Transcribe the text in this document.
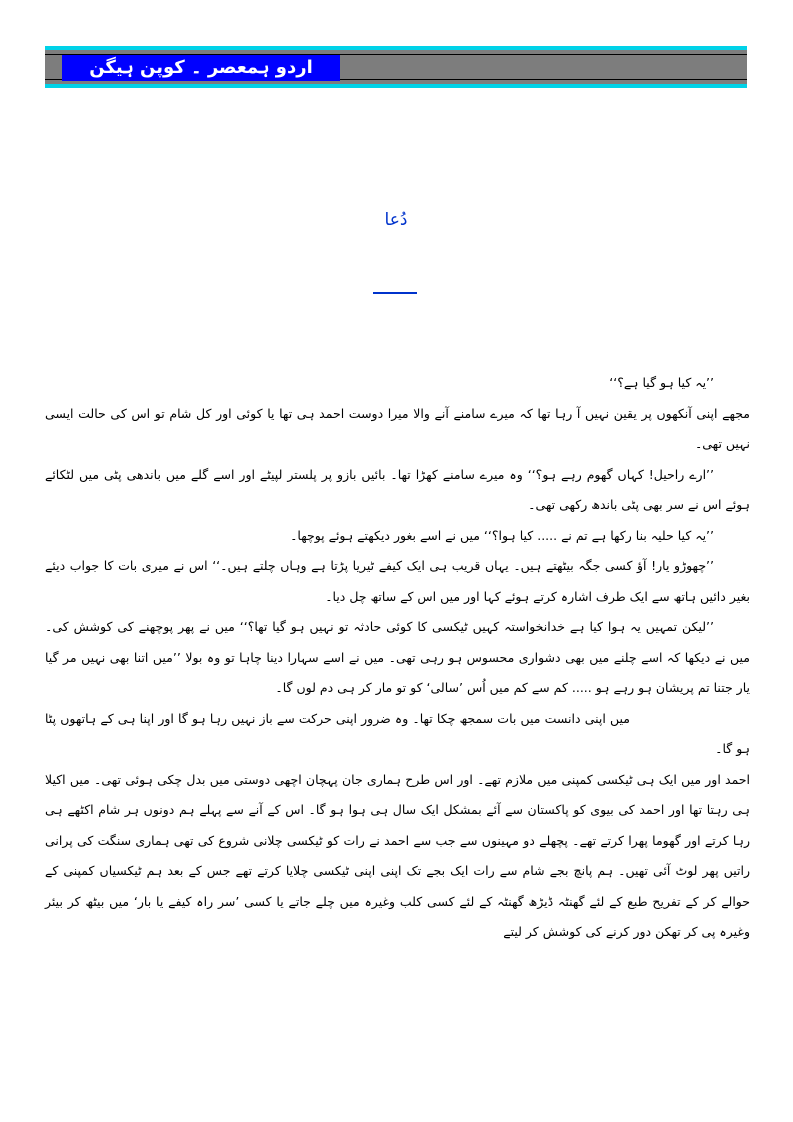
اردو ہمعصر ۔ کوپن ہیگن
دُعا

’’یہ کیا ہو گیا ہے؟‘‘

مجھے اپنی آنکھوں پر یقین نہیں آ رہا تھا کہ میرے سامنے آنے والا میرا دوست احمد ہی تھا یا کوئی اور کل شام تو اس کی حالت ایسی نہیں تھی۔

’’ارے راحیل! کہاں گھوم رہے ہو؟‘‘ وہ میرے سامنے کھڑا تھا۔ بائیں بازو پر پلستر لپیٹے اور اسے گلے میں باندھی پٹی میں لٹکائے ہوئے اس نے سر بھی پٹی باندھ رکھی تھی۔

’’یہ کیا حلیہ بنا رکھا ہے تم نے ..... کیا ہوا؟‘‘ میں نے اسے بغور دیکھتے ہوئے پوچھا۔

’’چھوڑو یار! آؤ کسی جگہ بیٹھتے ہیں۔ یہاں قریب ہی ایک کیفے ٹیریا پڑتا ہے وہاں چلتے ہیں۔‘‘ اس نے میری بات کا جواب دیئے بغیر دائیں ہاتھ سے ایک طرف اشارہ کرتے ہوئے کہا اور میں اس کے ساتھ چل دیا۔

’’لیکن تمہیں یہ ہوا کیا ہے خدانخواستہ کہیں ٹیکسی کا کوئی حادثہ تو نہیں ہو گیا تھا؟‘‘ میں نے پھر پوچھنے کی کوشش کی۔ میں نے دیکھا کہ اسے چلنے میں بھی دشواری محسوس ہو رہی تھی۔ میں نے اسے سہارا دینا چاہا تو وہ بولا ’’میں اتنا بھی نہیں مر گیا یار جتنا تم پریشان ہو رہے ہو ..... کم سے کم میں اُس ’سالی‘ کو تو مار کر ہی دم لوں گا۔

میں اپنی دانست میں بات سمجھ چکا تھا۔ وہ ضرور اپنی حرکت سے باز نہیں رہا ہو گا اور اپنا ہی کے ہاتھوں پٹا ہو گا۔

احمد اور میں ایک ہی ٹیکسی کمپنی میں ملازم تھے۔ اور اس طرح ہماری جان پہچان اچھی دوستی میں بدل چکی ہوئی تھی۔ میں اکیلا ہی رہتا تھا اور احمد کی بیوی کو پاکستان سے آئے بمشکل ایک سال ہی ہوا ہو گا۔ اس کے آنے سے پہلے ہم دونوں ہر شام اکٹھے ہی رہا کرتے اور گھوما پھرا کرتے تھے۔ پچھلے دو مہینوں سے جب سے احمد نے رات کو ٹیکسی چلانی شروع کی تھی ہماری سنگت کی پرانی راتیں پھر لوٹ آئی تھیں۔ ہم پانچ بجے شام سے رات ایک بجے تک اپنی اپنی ٹیکسی چلایا کرتے تھے جس کے بعد ہم ٹیکسیاں کمپنی کے حوالے کر کے تفریح طبع کے لئے گھنٹہ ڈیڑھ گھنٹہ کے لئے کسی کلب وغیرہ میں چلے جاتے یا کسی ’سر راہ کیفے یا بار‘ میں بیٹھ کر بیئر وغیرہ پی کر تھکن دور کرنے کی کوشش کر لیتے
